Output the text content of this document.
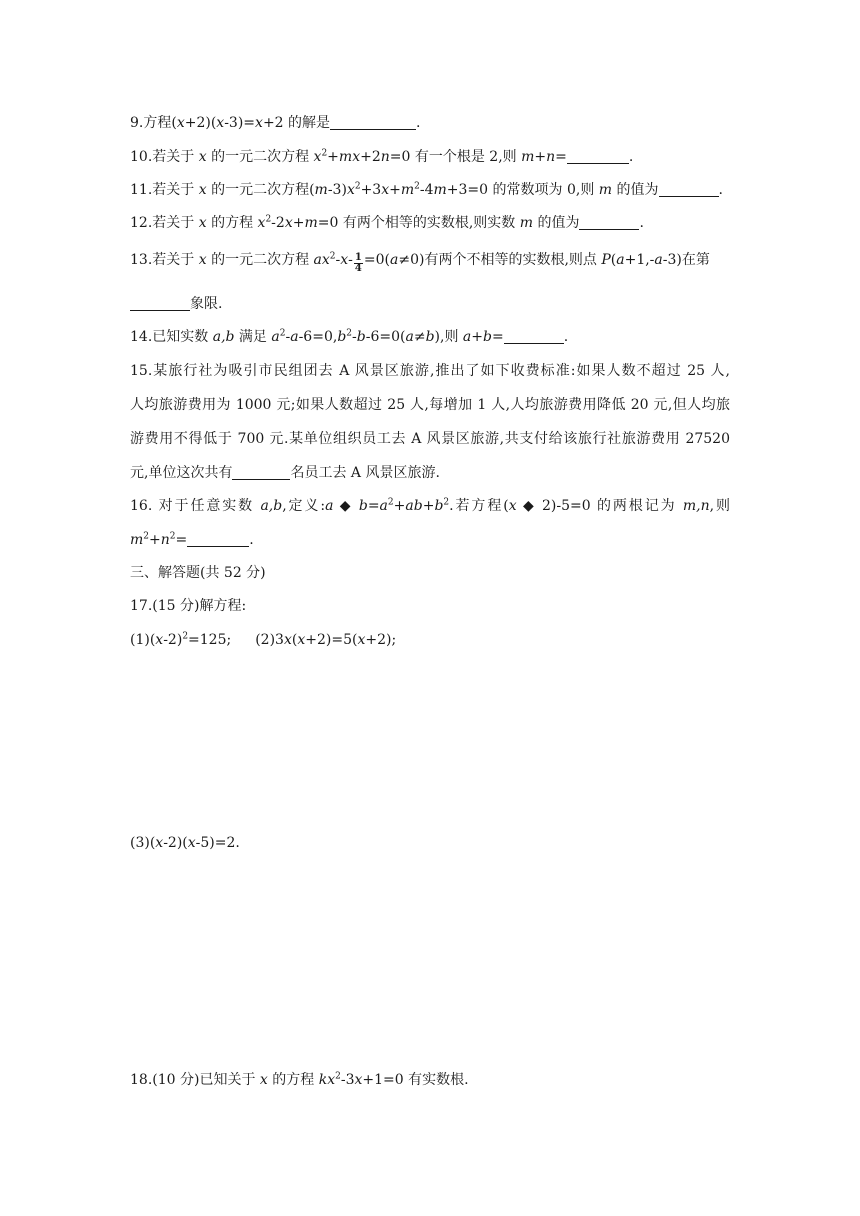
9.方程(x+2)(x-3)=x+2 的解是	.
10.若关于 x 的一元二次方程 $x^2+mx+2n=0$ 有一个根是 2,则 m+n=	.
11.若关于 x 的一元二次方程$(m-3)x^2+3x+m^2-4m+3=0$ 的常数项为 0,则 m 的值为	.
12.若关于 x 的方程 $x^2-2x+m=0$ 有两个相等的实数根,则实数 m 的值为	.
13.若关于 x 的一元二次方程 $ax^2-x- \frac{1}{4} =0(a\ne 0)$有两个不相等的实数根,则点 P(a+1,-a-3)在第
象限.
14.已知实数 a,b 满足 $a^2-a-6=0,b^2-b-6=0(a\ne b)$,则 a+b=	.
15.某旅行社为吸引市民组团去 A 风景区旅游,推出了如下收费标准:如果人数不超过 25 人,
人均旅游费用为 1000 元;如果人数超过 25 人,每增加 1 人,人均旅游费用降低 20 元,但人均旅
游费用不得低于 700 元.某单位组织员工去 A 风景区旅游,共支付给该旅行社旅游费用 27520
元,单位这次共有	名员工去 A 风景区旅游.
16. 对于任意实数 a,b,定义:a ◆ $b=a^2+ab+b^2$.若方程(x ◆ 2)-5=0 的两根记为 m,n,则
$m^2+n^2=$	.
三、解答题(共 52 分)
17.(15 分)解方程:
$(1)(x-2)^2=125$; (2)3x(x+2)=5(x+2);
(3)(x-2)(x-5)=2.
18.(10 分)已知关于 x 的方程 $kx^2-3x+1=0$ 有实数根.
